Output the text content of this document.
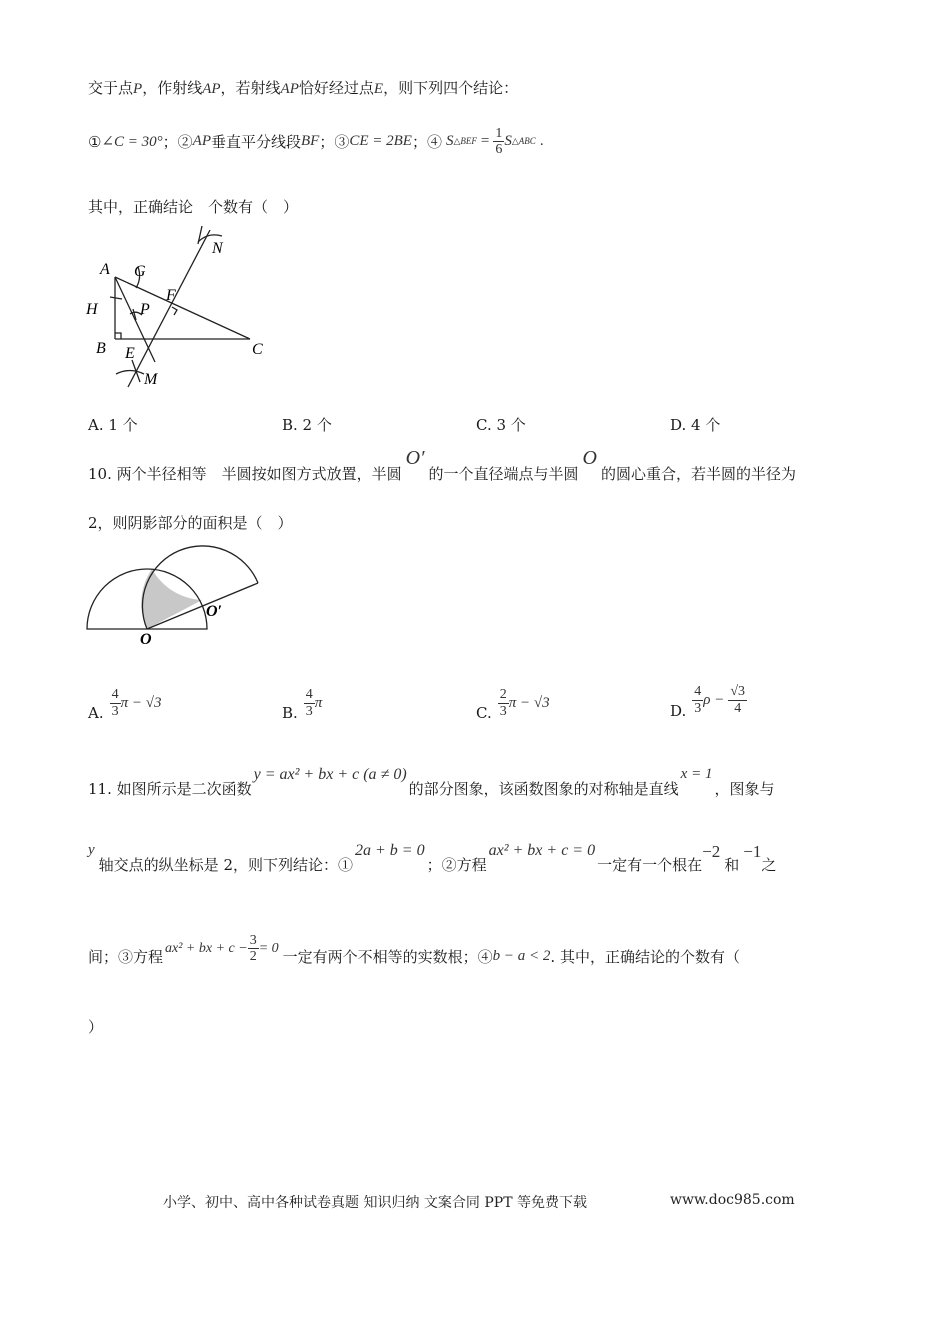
交于点P，作射线AP，若射线AP恰好经过点E，则下列四个结论：
① ∠C = 30° ；② AP 垂直平分线段 BF ；③ CE = 2BE ；④ S △BEF = $\frac{1}{6}$ S △ABC .
其中，正确结论　个数有（　）
A G
N
F
H	P
B E	C
M
A. 1 个	B. 2 个	C. 3 个	D. 4 个
10. 两个半径相等　半圆按如图方式放置，半圆
O′
的一个直径端点与半圆
O
的圆心重合，若半圆的半径为
2，则阴影部分的面积是（　）
O
O′
A. $\frac{4}{3}$ π − √3
B. $\frac{4}{3}$ π
C. $\frac{2}{3}$ π − √3	D. $\frac{4}{3}$ $\rho - \frac{√3}{4}$
11. 如图所示是二次函数
y = ax² + bx + c (a ≠ 0)
的部分图象，该函数图象的对称轴是直线
x = 1
，图象与
y
轴交点的纵坐标是 2，则下列结论：①
2a + b = 0
；②方程
ax² + bx + c = 0
一定有一个根在
−2
和
−1
之
间；③方程 ax² + bx + $c - \frac{3}{2} = 0$ 一定有两个不相等的实数根；④ b − a < 2 . 其中，正确结论的个数有（
）
小学、初中、高中各种试卷真题 知识归纳 文案合同 PPT 等免费下载	www.doc985.com
